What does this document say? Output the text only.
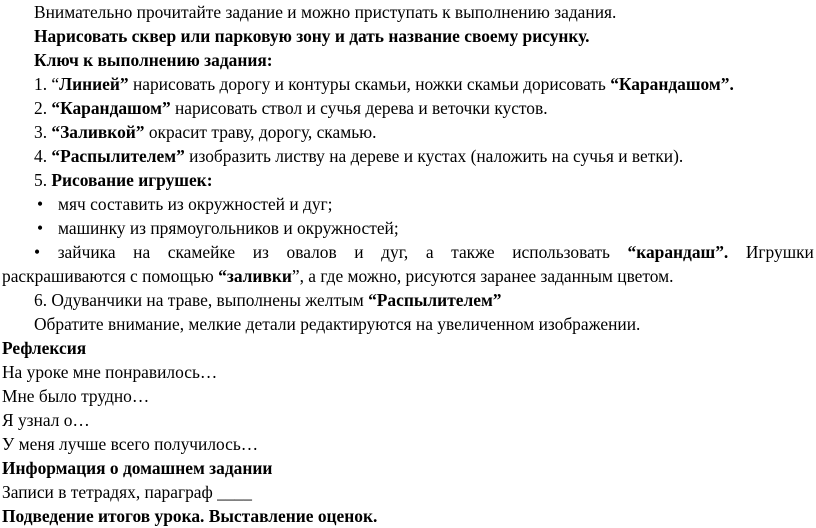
Внимательно прочитайте задание и можно приступать к выполнению задания.
Нарисовать сквер или парковую зону и дать название своему рисунку.
Ключ к выполнению задания:
1. “Линией” нарисовать дорогу и контуры скамьи, ножки скамьи дорисовать “Карандашом”.
2. “Карандашом” нарисовать ствол и сучья дерева и веточки кустов.
3. “Заливкой” окрасит траву, дорогу, скамью.
4. “Распылителем” изобразить листву на дереве и кустах (наложить на сучья и ветки).
5. Рисование игрушек:
• мяч составить из окружностей и дуг;
• машинку из прямоугольников и окружностей;
• зайчика на скамейке из овалов и дуг, а также использовать “карандаш”. Игрушки
раскрашиваются с помощью “заливки”, а где можно, рисуются заранее заданным цветом.
6. Одуванчики на траве, выполнены желтым “Распылителем”
Обратите внимание, мелкие детали редактируются на увеличенном изображении.
Рефлексия
На уроке мне понравилось…
Мне было трудно…
Я узнал о…
У меня лучше всего получилось…
Информация о домашнем задании
Записи в тетрадях, параграф ____
Подведение итогов урока. Выставление оценок.
